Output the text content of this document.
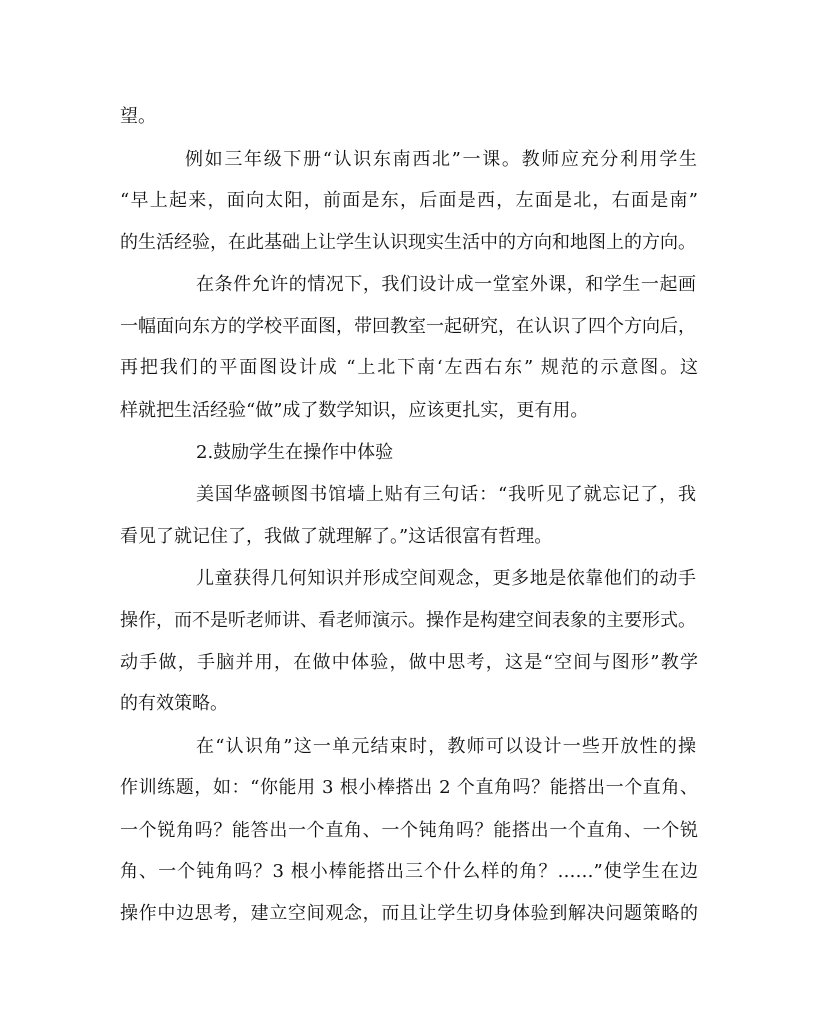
望。
例如三年级下册“认识东南西北”一课。教师应充分利用学生
“早上起来，面向太阳，前面是东，后面是西，左面是北，右面是南”
的生活经验，在此基础上让学生认识现实生活中的方向和地图上的方向。
在条件允许的情况下，我们设计成一堂室外课，和学生一起画
一幅面向东方的学校平面图，带回教室一起研究，在认识了四个方向后，
再把我们的平面图设计成 “上北下南‘左西右东” 规范的示意图。这
样就把生活经验“做”成了数学知识，应该更扎实，更有用。
2.鼓励学生在操作中体验
美国华盛顿图书馆墙上贴有三句话：“我听见了就忘记了，我
看见了就记住了，我做了就理解了。”这话很富有哲理。
儿童获得几何知识并形成空间观念，更多地是依靠他们的动手
操作，而不是听老师讲、看老师演示。操作是构建空间表象的主要形式。
动手做，手脑并用，在做中体验，做中思考，这是“空间与图形”教学
的有效策略。
在“认识角”这一单元结束时，教师可以设计一些开放性的操
作训练题，如：“你能用 3 根小棒搭出 2 个直角吗？能搭出一个直角、
一个锐角吗？能答出一个直角、一个钝角吗？能搭出一个直角、一个锐
角、一个钝角吗？3 根小棒能搭出三个什么样的角？……”使学生在边
操作中边思考，建立空间观念，而且让学生切身体验到解决问题策略的
